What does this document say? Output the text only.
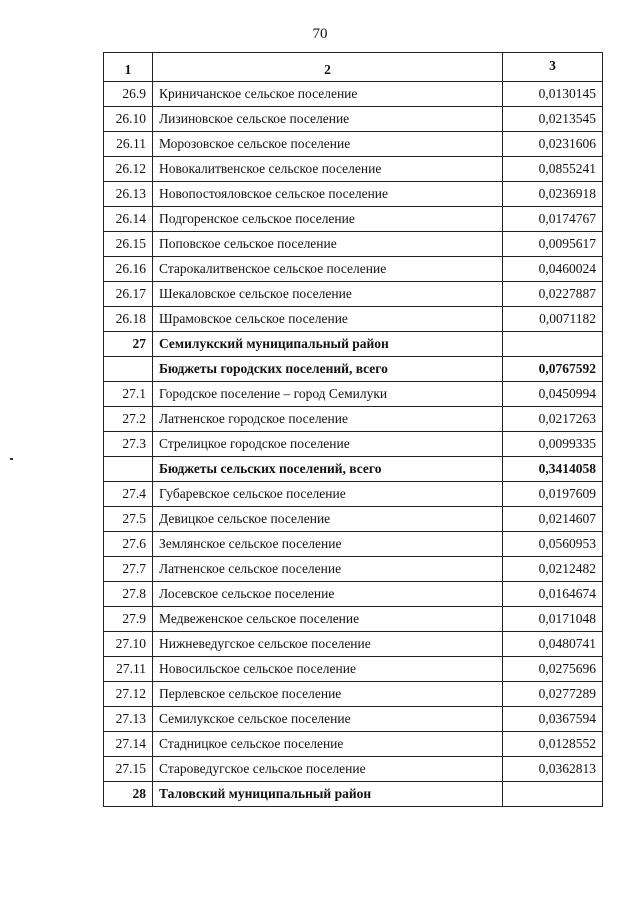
70
1	2	3
26.9	Криничанское сельское поселение	0,0130145
26.10	Лизиновское сельское поселение	0,0213545
26.11	Морозовское сельское поселение	0,0231606
26.12	Новокалитвенское сельское поселение	0,0855241
26.13	Новопостояловское сельское поселение	0,0236918
26.14	Подгоренское сельское поселение	0,0174767
26.15	Поповское сельское поселение	0,0095617
26.16	Старокалитвенское сельское поселение	0,0460024
26.17	Шекаловское сельское поселение	0,0227887
26.18	Шрамовское сельское поселение	0,0071182
27	Семилукский муниципальный район	
	Бюджеты городских поселений, всего	0,0767592
27.1	Городское поселение – город Семилуки	0,0450994
27.2	Латненское городское поселение	0,0217263
27.3	Стрелицкое городское поселение	0,0099335
	Бюджеты сельских поселений, всего	0,3414058
27.4	Губаревское сельское поселение	0,0197609
27.5	Девицкое сельское поселение	0,0214607
27.6	Землянское сельское поселение	0,0560953
27.7	Латненское сельское поселение	0,0212482
27.8	Лосевское сельское поселение	0,0164674
27.9	Медвеженское сельское поселение	0,0171048
27.10	Нижневедугское сельское поселение	0,0480741
27.11	Новосильское сельское поселение	0,0275696
27.12	Перлевское сельское поселение	0,0277289
27.13	Семилукское сельское поселение	0,0367594
27.14	Стадницкое сельское поселение	0,0128552
27.15	Староведугское сельское поселение	0,0362813
28	Таловский муниципальный район	
